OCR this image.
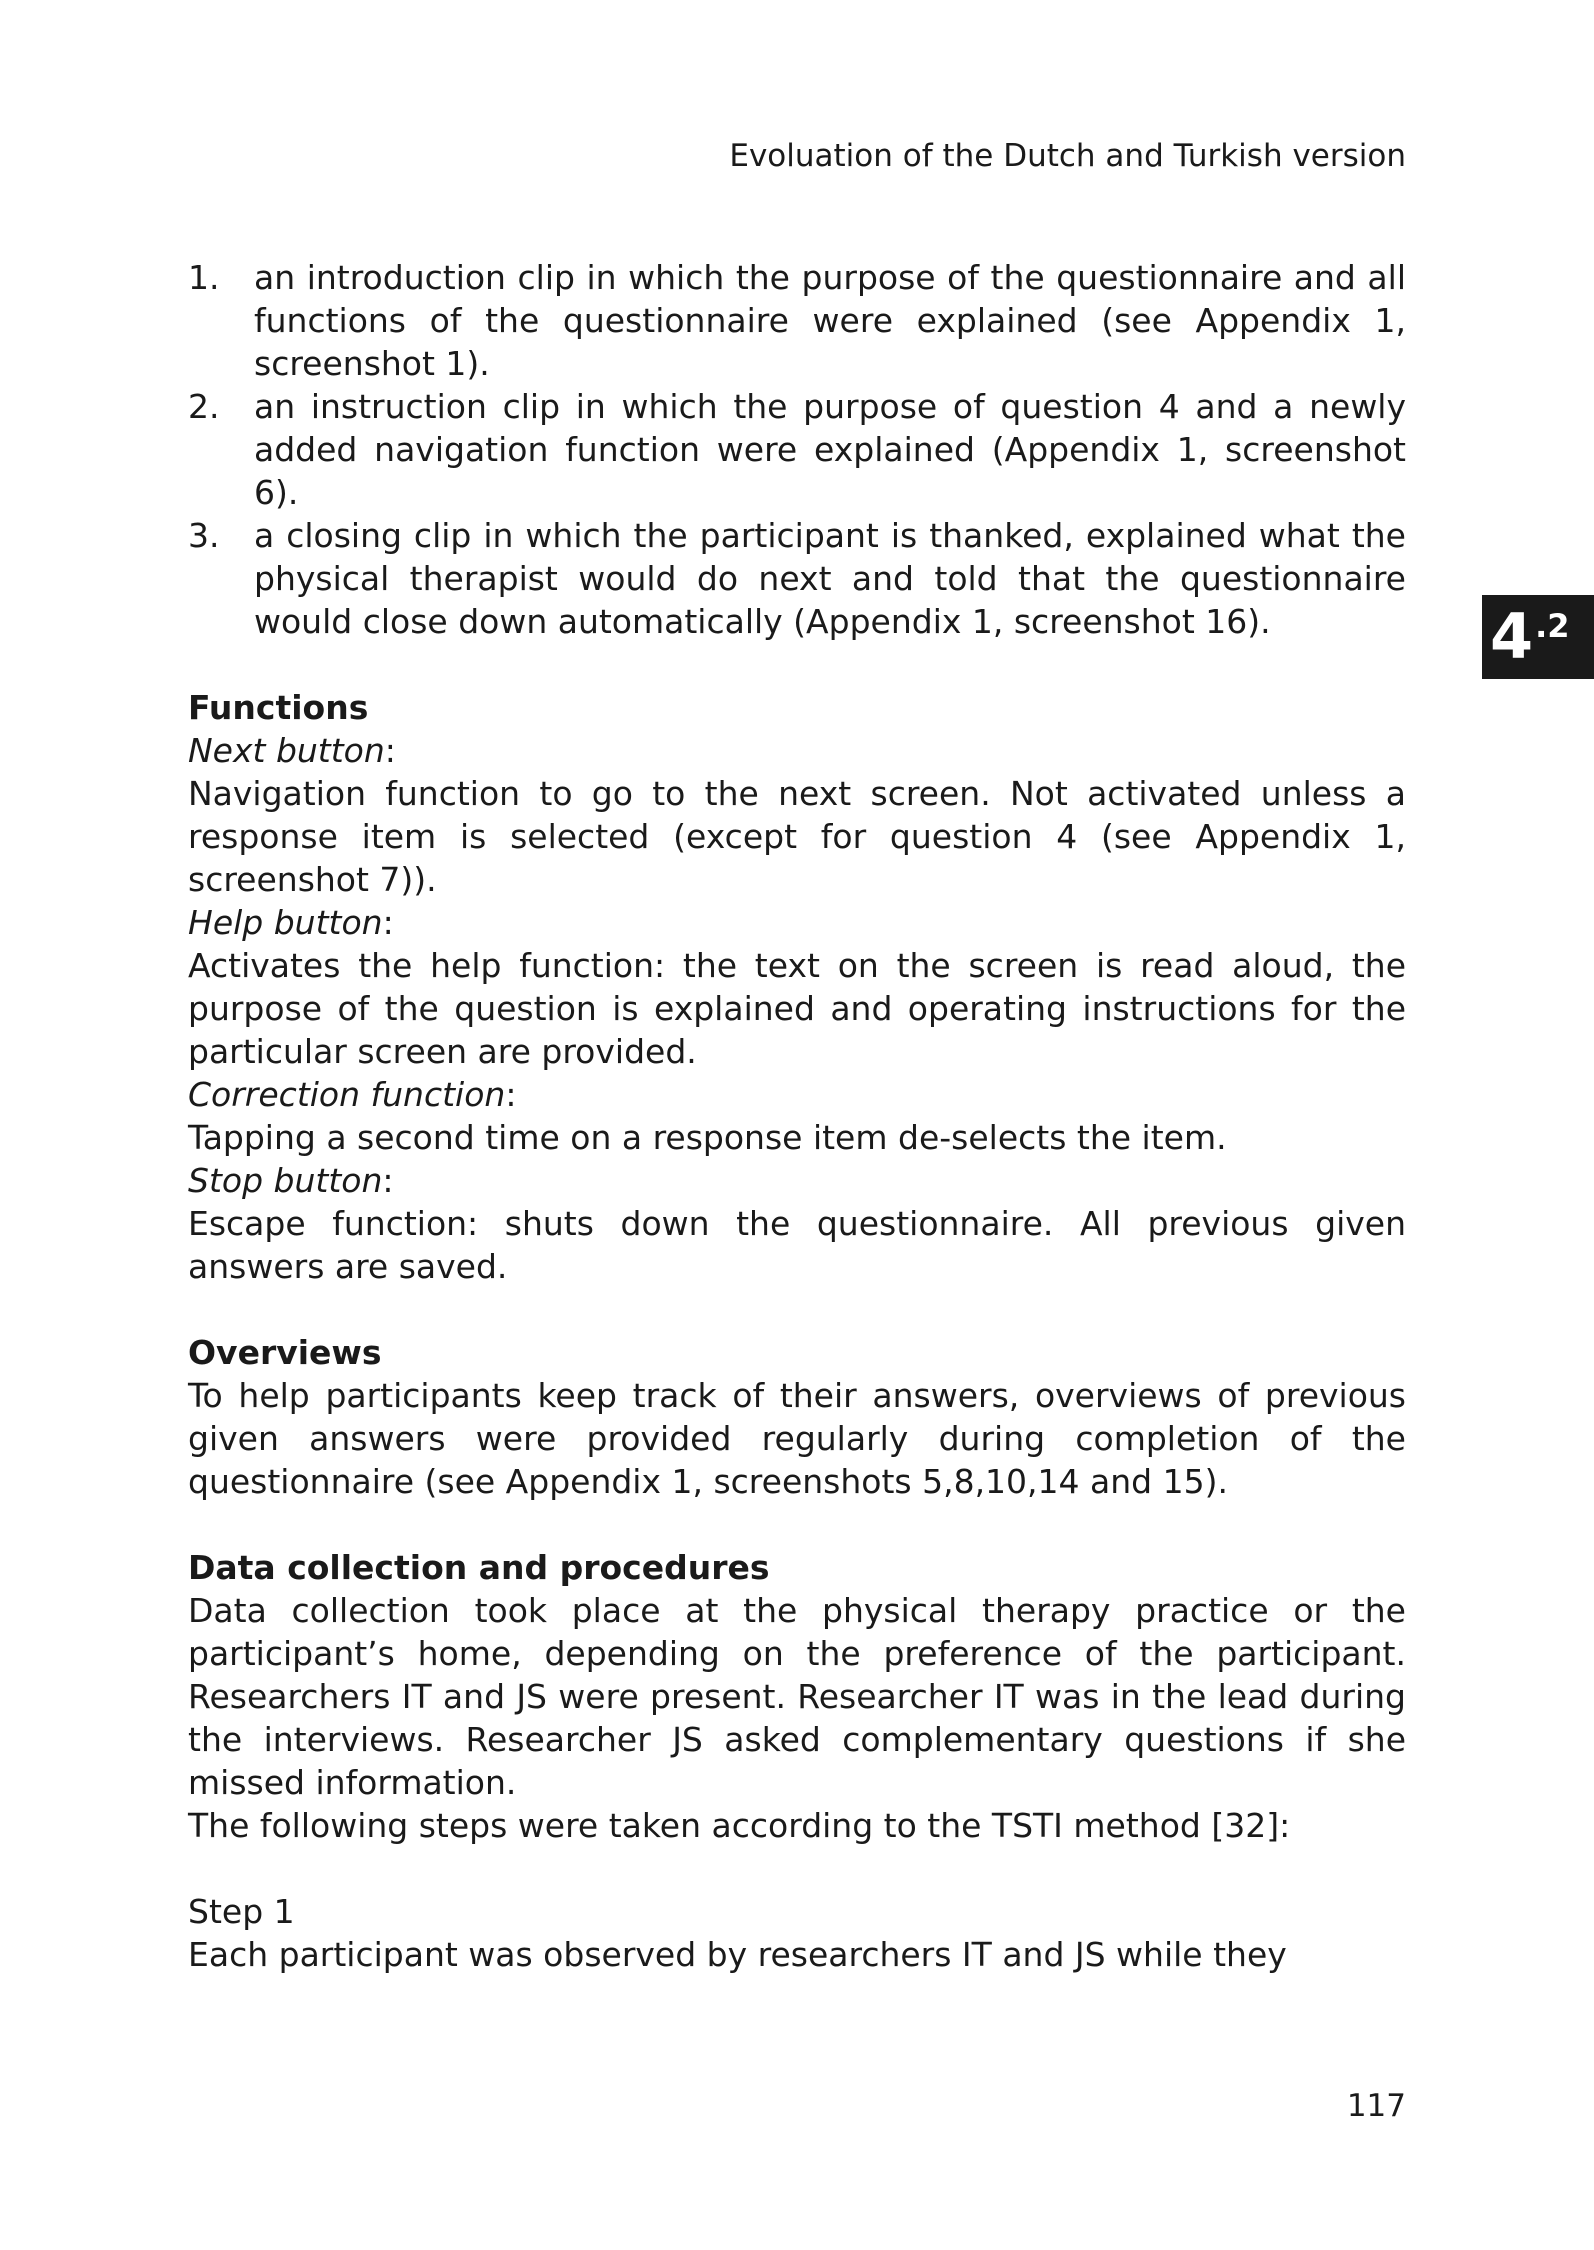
Evoluation of the Dutch and Turkish version
4 .2
1.	an introduction clip in which the purpose of the questionnaire and all functions of the questionnaire were explained (see Appendix 1, screenshot 1).
2.	an instruction clip in which the purpose of question 4 and a newly added navigation function were explained (Appendix 1, screenshot 6).
3.	a closing clip in which the participant is thanked, explained what the physical therapist would do next and told that the questionnaire would close down automatically (Appendix 1, screenshot 16).

Functions

Next button:

Navigation function to go to the next screen. Not activated unless a response item is selected (except for question 4 (see Appendix 1, screenshot 7)).

Help button:

Activates the help function: the text on the screen is read aloud, the purpose of the question is explained and operating instructions for the particular screen are provided.

Correction function:

Tapping a second time on a response item de-selects the item.

Stop button:

Escape function: shuts down the questionnaire. All previous given answers are saved.

Overviews

To help participants keep track of their answers, overviews of previous given answers were provided regularly during completion of the questionnaire (see Appendix 1, screenshots 5,8,10,14 and 15).

Data collection and procedures

Data collection took place at the physical therapy practice or the participant’s home, depending on the preference of the participant. Researchers IT and JS were present. Researcher IT was in the lead during the interviews. Researcher JS asked complementary questions if she missed information.

The following steps were taken according to the TSTI method [32]:

Step 1

Each participant was observed by researchers IT and JS while they

117
